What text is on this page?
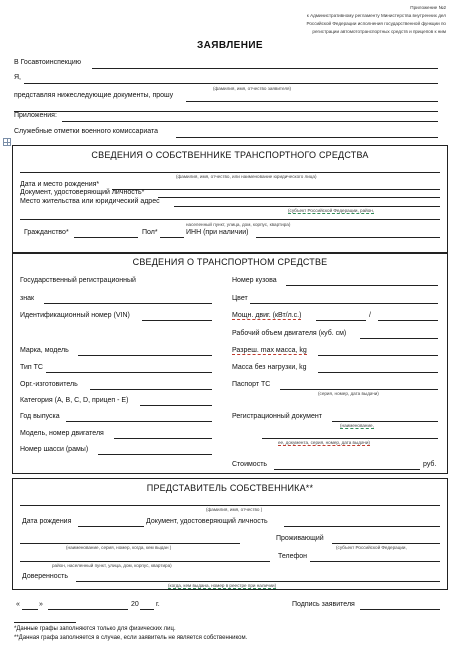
Приложение №2
к Административному регламенту Министерства внутренних дел
Российской Федерации исполнения государственной функции по
регистрации автомототранспортных средств и прицепов к ним
ЗАЯВЛЕНИЕ
В Госавтоинспекцию
Я,
представляя нижеследующие документы, прошу
(фамилия, имя, отчество заявителя)
Приложения:
Служебные отметки военного комиссариата
СВЕДЕНИЯ О СОБСТВЕННИКЕ ТРАНСПОРТНОГО СРЕДСТВА
(фамилия, имя, отчество, или наименование юридического лица)
Дата и место рождения*
Документ, удостоверяющий личность*
Место жительства или юридический адрес
(субъект Российской Федерации, район,
населенный пункт, улица, дом, корпус, квартира)
Гражданство*	Пол*	ИНН (при наличии)
СВЕДЕНИЯ О ТРАНСПОРТНОМ СРЕДСТВЕ
Государственный регистрационный
знак
Идентификационный номер (VIN)
Марка, модель
Тип ТС
Орг.-изготовитель
Категория (А, В, С, D, прицеп - Е)
Год выпуска
Модель, номер двигателя
Номер шасси (рамы)
Номер кузова
Цвет
Мощн. двиг. (кВт/л.с.)	/
Рабочий объем двигателя (куб. см)
Разреш. max масса, kg
Масса без нагрузки, kg
Паспорт ТС
(серия, номер, дата выдачи)
Регистрационный документ
(наименование,
ее, документа, серия, номер, дата выдачи)
Стоимость	руб.
ПРЕДСТАВИТЕЛЬ СОБСТВЕННИКА**
(фамилия, имя, отчество )
Дата рождения	Документ, удостоверяющий личность
Проживающий
(наименование, серия, номер, когда, кем выдан )	(субъект Российской Федерации,
Телефон
район, населенный пункт, улица, дом, корпус, квартира)
Доверенность
(когда, кем выдана, номер в реестре при наличии)
«	»	20 г.	Подпись заявителя
*Данные графы заполняются только для физических лиц.
**Данная графа заполняется в случае, если заявитель не является собственником.
